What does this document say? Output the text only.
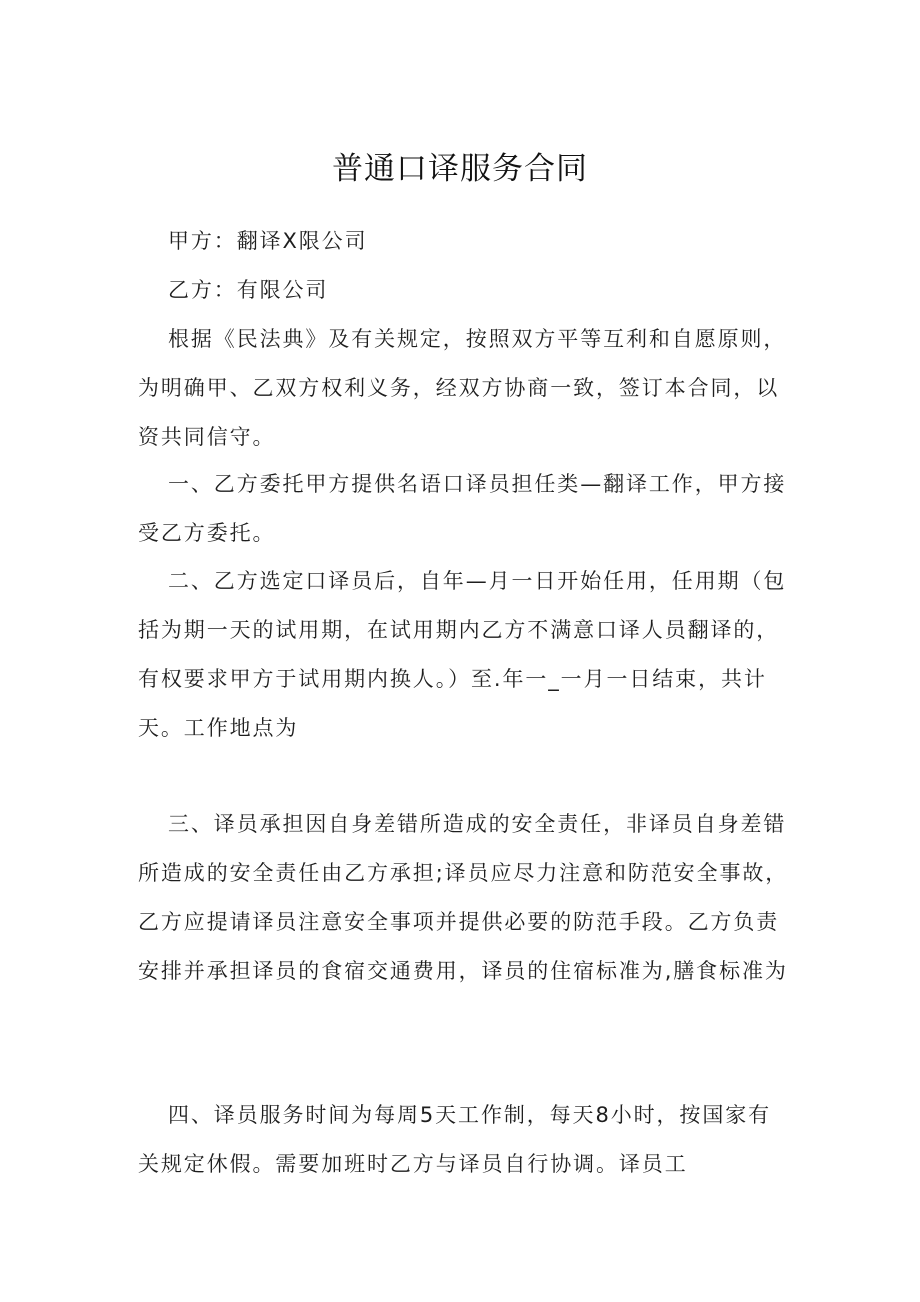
普通口译服务合同

甲方：翻译X限公司

乙方：有限公司

根据《民法典》及有关规定，按照双方平等互利和自愿原则，为明确甲、乙双方权利义务，经双方协商一致，签订本合同，以资共同信守。

一、乙方委托甲方提供名语口译员担任类—翻译工作，甲方接受乙方委托。

二、乙方选定口译员后，自年—月一日开始任用，任用期（包括为期一天的试用期，在试用期内乙方不满意口译人员翻译的，有权要求甲方于试用期内换人。）至.年一_一月一日结束，共计天。工作地点为

三、译员承担因自身差错所造成的安全责任，非译员自身差错所造成的安全责任由乙方承担;译员应尽力注意和防范安全事故，乙方应提请译员注意安全事项并提供必要的防范手段。乙方负责安排并承担译员的食宿交通费用，译员的住宿标准为,膳食标准为

四、译员服务时间为每周5天工作制，每天8小时，按国家有关规定休假。需要加班时乙方与译员自行协调。译员工
